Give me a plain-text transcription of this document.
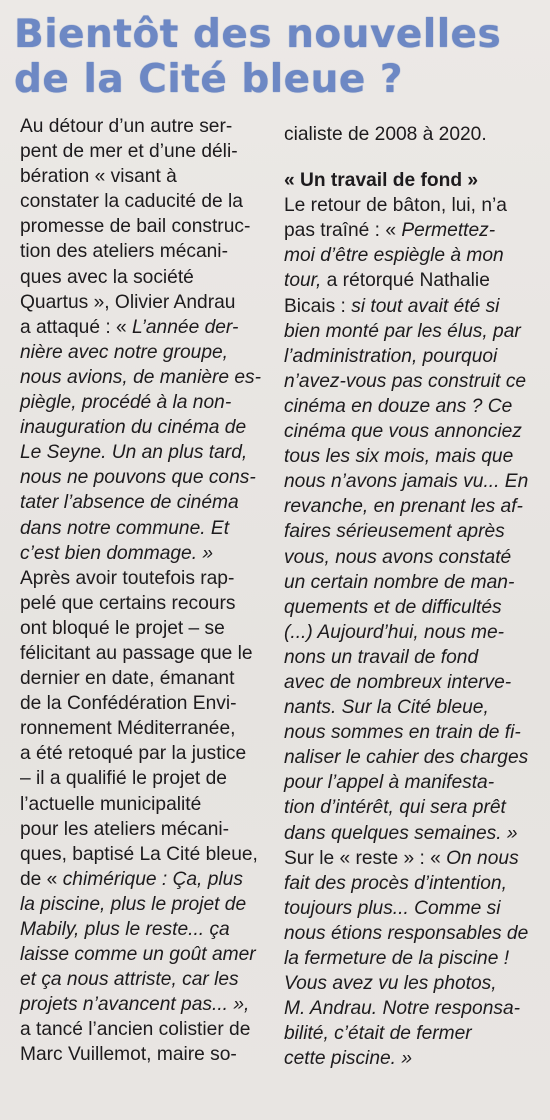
Bientôt des nouvelles
de la Cité bleue ?
Au détour d’un autre ser-
pent de mer et d’une déli-
bération « visant à
constater la caducité de la
promesse de bail construc-
tion des ateliers mécani-
ques avec la société
Quartus », Olivier Andrau
a attaqué : « L’année der-
nière avec notre groupe,
nous avions, de manière es-
piègle, procédé à la non-
inauguration du cinéma de
Le Seyne. Un an plus tard,
nous ne pouvons que cons-
tater l’absence de cinéma
dans notre commune. Et
c’est bien dommage. »
Après avoir toutefois rap-
pelé que certains recours
ont bloqué le projet – se
félicitant au passage que le
dernier en date, émanant
de la Confédération Envi-
ronnement Méditerranée,
a été retoqué par la justice
– il a qualifié le projet de
l’actuelle municipalité
pour les ateliers mécani-
ques, baptisé La Cité bleue,
de « chimérique : Ça, plus
la piscine, plus le projet de
Mabily, plus le reste... ça
laisse comme un goût amer
et ça nous attriste, car les
projets n’avancent pas... »,
a tancé l’ancien colistier de
Marc Vuillemot, maire so-
cialiste de 2008 à 2020.
« Un travail de fond »
Le retour de bâton, lui, n’a
pas traîné : « Permettez-
moi d’être espiègle à mon
tour, a rétorqué Nathalie
Bicais : si tout avait été si
bien monté par les élus, par
l’administration, pourquoi
n’avez-vous pas construit ce
cinéma en douze ans ? Ce
cinéma que vous annonciez
tous les six mois, mais que
nous n’avons jamais vu... En
revanche, en prenant les af-
faires sérieusement après
vous, nous avons constaté
un certain nombre de man-
quements et de difficultés
(...) Aujourd’hui, nous me-
nons un travail de fond
avec de nombreux interve-
nants. Sur la Cité bleue,
nous sommes en train de fi-
naliser le cahier des charges
pour l’appel à manifesta-
tion d’intérêt, qui sera prêt
dans quelques semaines. »
Sur le « reste » : « On nous
fait des procès d’intention,
toujours plus... Comme si
nous étions responsables de
la fermeture de la piscine !
Vous avez vu les photos,
M. Andrau. Notre responsa-
bilité, c’était de fermer
cette piscine. »
